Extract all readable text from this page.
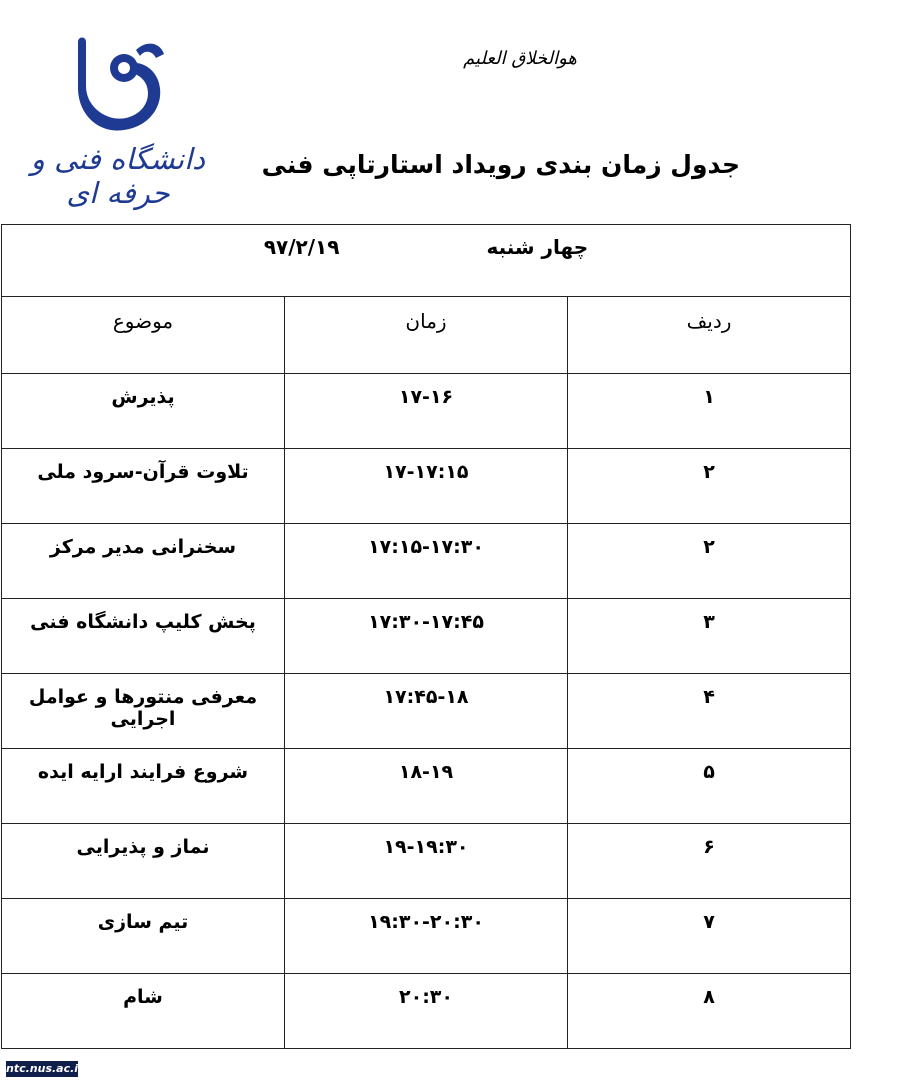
دانشگاه فنی و حرفه ای
هوالخلاق العلیم
جدول زمان بندی رویداد استارتاپی فنی
چهار شنبه ۹۷/۲/۱۹		
ردیف	زمان	موضوع
۱	۱۷-۱۶	پذیرش
۲	۱۷-۱۷:۱۵	تلاوت قرآن-سرود ملی
۲	۱۷:۱۵-۱۷:۳۰	سخنرانی مدیر مرکز
۳	۱۷:۳۰-۱۷:۴۵	پخش کلیپ دانشگاه فنی
۴	۱۷:۴۵-۱۸	معرفی منتورها و عوامل اجرایی
۵	۱۸-۱۹	شروع فرایند ارایه ایده
۶	۱۹-۱۹:۳۰	نماز و پذیرایی
۷	۱۹:۳۰-۲۰:۳۰	تیم سازی
۸	۲۰:۳۰	شام
ntc.nus.ac.ir
